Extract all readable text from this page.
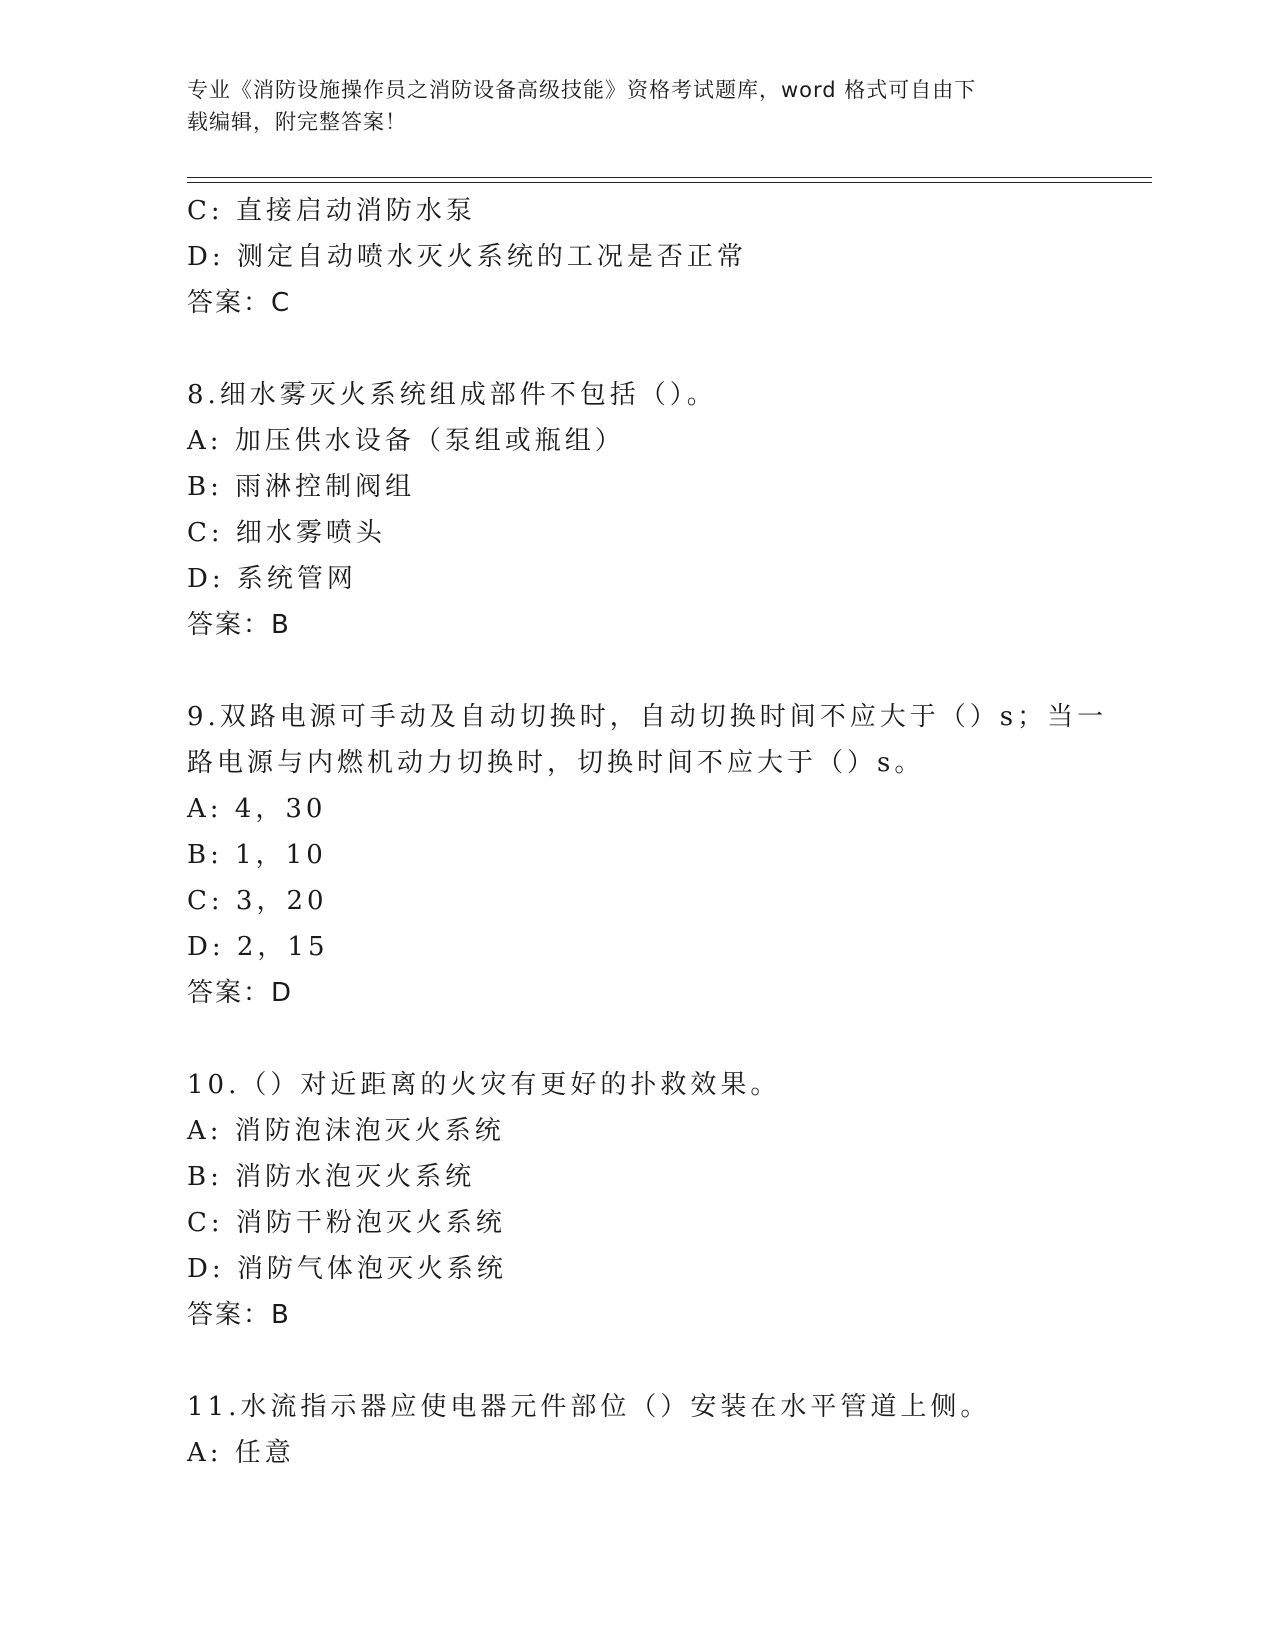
专业《消防设施操作员之消防设备高级技能》资格考试题库，word 格式可自由下
载编辑，附完整答案！
C: 直接启动消防水泵
D: 测定自动喷水灭火系统的工况是否正常
答案：C
8.细水雾灭火系统组成部件不包括（）。
A: 加压供水设备（泵组或瓶组）
B: 雨淋控制阀组
C: 细水雾喷头
D: 系统管网
答案：B
9.双路电源可手动及自动切换时，自动切换时间不应大于（）s；当一
路电源与内燃机动力切换时，切换时间不应大于（）s。
A: 4，30
B: 1，10
C: 3，20
D: 2，15
答案：D
10.（）对近距离的火灾有更好的扑救效果。
A: 消防泡沫泡灭火系统
B: 消防水泡灭火系统
C: 消防干粉泡灭火系统
D: 消防气体泡灭火系统
答案：B
11.水流指示器应使电器元件部位（）安装在水平管道上侧。
A: 任意
